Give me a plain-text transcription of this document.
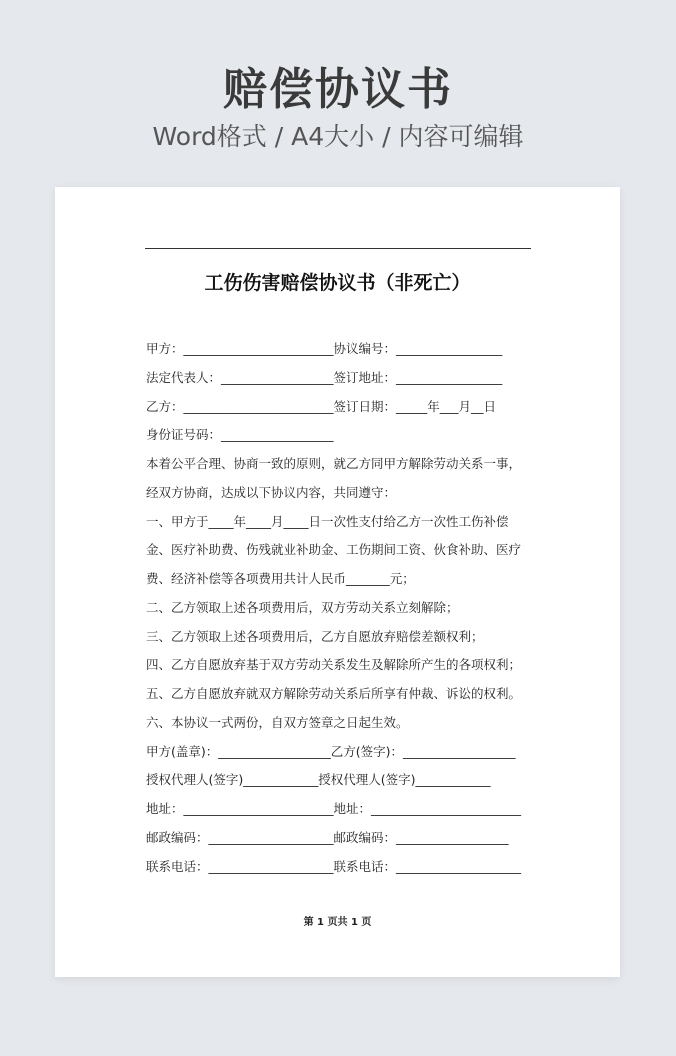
赔偿协议书
Word格式 / A4大小 / 内容可编辑
工伤伤害赔偿协议书（非死亡）
甲方：________________________协议编号：_________________
法定代表人：__________________签订地址：_________________
乙方：________________________签订日期：_____年___月__日
身份证号码：__________________
本着公平合理、协商一致的原则，就乙方同甲方解除劳动关系一事，
经双方协商，达成以下协议内容，共同遵守：
一、甲方于____年____月____日一次性支付给乙方一次性工伤补偿
金、医疗补助费、伤残就业补助金、工伤期间工资、伙食补助、医疗
费、经济补偿等各项费用共计人民币_______元；
二、乙方领取上述各项费用后，双方劳动关系立刻解除；
三、乙方领取上述各项费用后，乙方自愿放弃赔偿差额权利；
四、乙方自愿放弃基于双方劳动关系发生及解除所产生的各项权利；
五、乙方自愿放弃就双方解除劳动关系后所享有仲裁、诉讼的权利。
六、本协议一式两份，自双方签章之日起生效。
甲方(盖章)：__________________乙方(签字)：__________________
授权代理人(签字)____________授权代理人(签字)____________
地址：________________________地址：________________________
邮政编码：____________________邮政编码：__________________
联系电话：____________________联系电话：____________________
第 1 页共 1 页
